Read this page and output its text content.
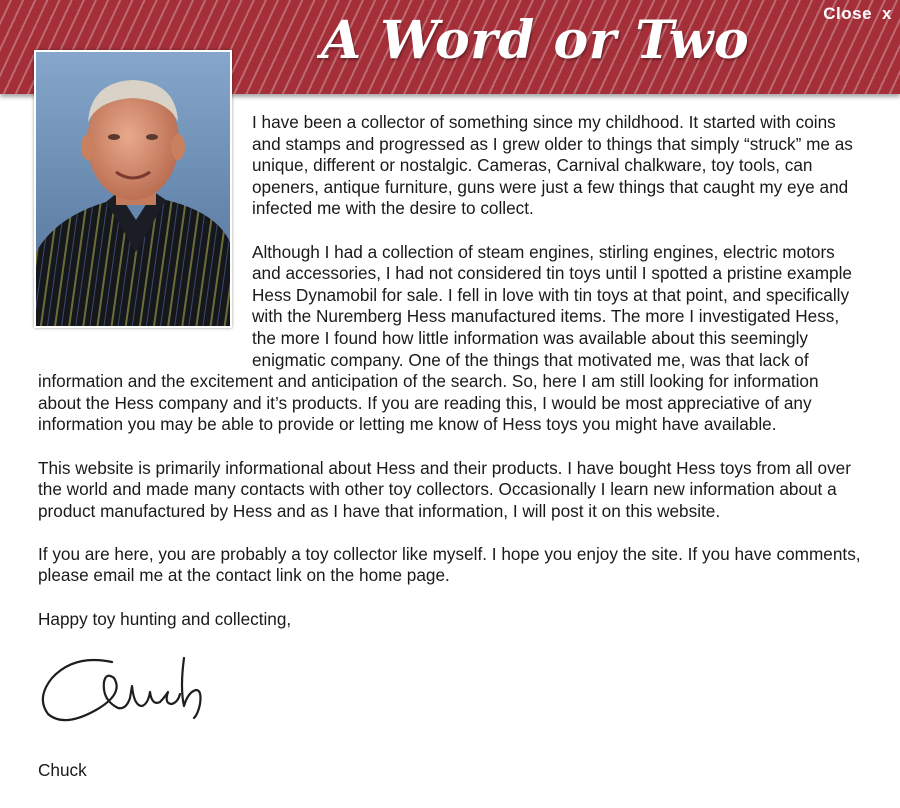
A Word or Two	Close x

I have been a collector of something since my childhood. It started with coins and stamps and progressed as I grew older to things that simply “struck” me as unique, different or nostalgic. Cameras, Carnival chalkware, toy tools, can openers, antique furniture, guns were just a few things that caught my eye and infected me with the desire to collect.

Although I had a collection of steam engines, stirling engines, electric motors and accessories, I had not considered tin toys until I spotted a pristine example Hess Dynamobil for sale. I fell in love with tin toys at that point, and specifically with the Nuremberg Hess manufactured items. The more I investigated Hess, the more I found how little information was available about this seemingly enigmatic company. One of the things that motivated me, was that lack of information and the excitement and anticipation of the search. So, here I am still looking for information about the Hess company and it’s products. If you are reading this, I would be most appreciative of any information you may be able to provide or letting me know of Hess toys you might have available.

This website is primarily informational about Hess and their products. I have bought Hess toys from all over the world and made many contacts with other toy collectors. Occasionally I learn new information about a product manufactured by Hess and as I have that information, I will post it on this website.

If you are here, you are probably a toy collector like myself. I hope you enjoy the site. If you have comments, please email me at the contact link on the home page.

Happy toy hunting and collecting,

Chuck
